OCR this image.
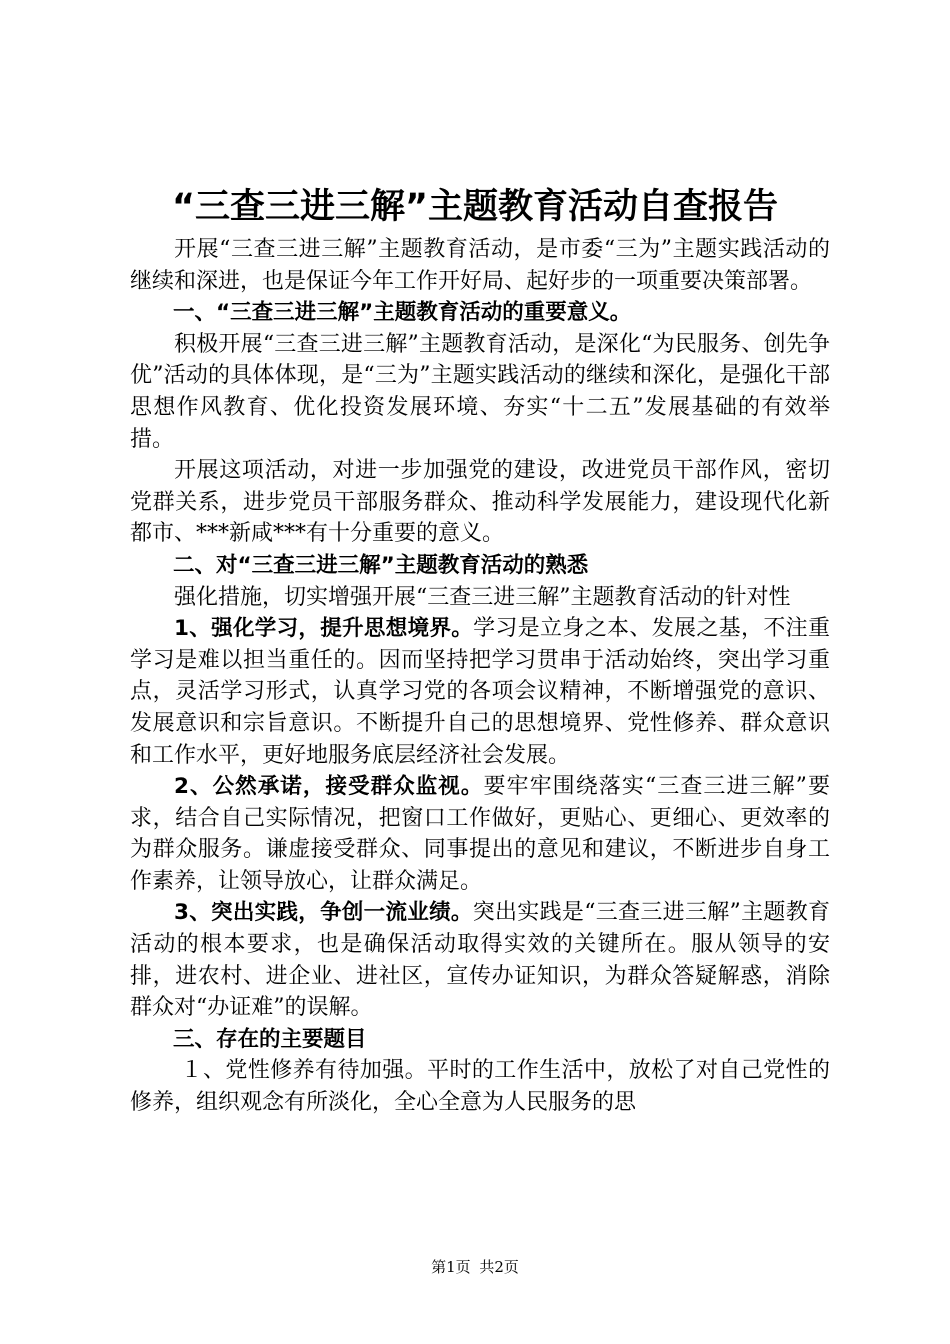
“三查三进三解”主题教育活动自查报告

开展“三查三进三解”主题教育活动，是市委“三为”主题实践活动的继续和深进，也是保证今年工作开好局、起好步的一项重要决策部署。

一、“三查三进三解”主题教育活动的重要意义。

积极开展“三查三进三解”主题教育活动，是深化“为民服务、创先争优”活动的具体体现，是“三为”主题实践活动的继续和深化，是强化干部思想作风教育、优化投资发展环境、夯实“十二五”发展基础的有效举措。

开展这项活动，对进一步加强党的建设，改进党员干部作风，密切党群关系，进步党员干部服务群众、推动科学发展能力，建设现代化新都市、***新咸***有十分重要的意义。

二、对“三查三进三解”主题教育活动的熟悉

强化措施，切实增强开展“三查三进三解”主题教育活动的针对性

1、强化学习，提升思想境界。学习是立身之本、发展之基，不注重学习是难以担当重任的。因而坚持把学习贯串于活动始终，突出学习重点，灵活学习形式，认真学习党的各项会议精神，不断增强党的意识、发展意识和宗旨意识。不断提升自己的思想境界、党性修养、群众意识和工作水平，更好地服务底层经济社会发展。

2、公然承诺，接受群众监视。要牢牢围绕落实“三查三进三解”要求，结合自己实际情况，把窗口工作做好，更贴心、更细心、更效率的为群众服务。谦虚接受群众、同事提出的意见和建议，不断进步自身工作素养，让领导放心，让群众满足。

3、突出实践，争创一流业绩。突出实践是“三查三进三解”主题教育活动的根本要求，也是确保活动取得实效的关键所在。服从领导的安排，进农村、进企业、进社区，宣传办证知识，为群众答疑解惑，消除群众对“办证难”的误解。

三、存在的主要题目

１、党性修养有待加强。平时的工作生活中，放松了对自己党性的修养，组织观念有所淡化，全心全意为人民服务的思

第1页 共2页
